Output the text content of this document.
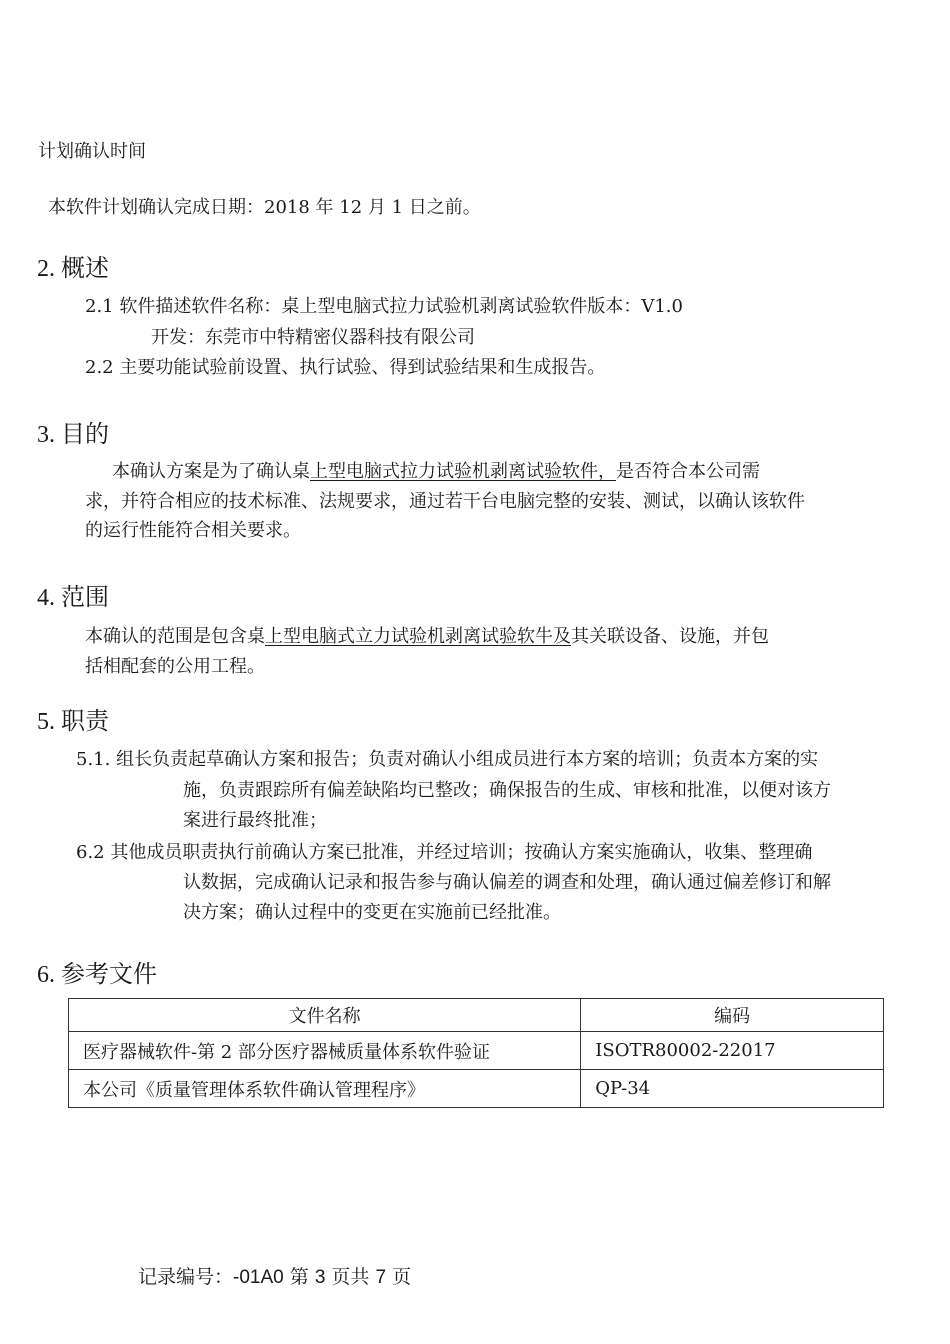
计划确认时间
本软件计划确认完成日期：2018 年 12 月 1 日之前。
2. 概述
2.1 软件描述软件名称：桌上型电脑式拉力试验机剥离试验软件版本：V1.0
开发：东莞市中特精密仪器科技有限公司
2.2 主要功能试验前设置、执行试验、得到试验结果和生成报告。
3. 目的
本确认方案是为了确认桌上型电脑式拉力试验机剥离试验软件，是否符合本公司需
求，并符合相应的技术标准、法规要求，通过若干台电脑完整的安装、测试，以确认该软件
的运行性能符合相关要求。
4. 范围
本确认的范围是包含桌上型电脑式立力试验机剥离试验软牛及其关联设备、设施，并包
括相配套的公用工程。
5. 职责
5.1. 组长负责起草确认方案和报告；负责对确认小组成员进行本方案的培训；负责本方案的实
施，负责跟踪所有偏差缺陷均已整改；确保报告的生成、审核和批准，以便对该方
案进行最终批准；
6.2 其他成员职责执行前确认方案已批准，并经过培训；按确认方案实施确认，收集、整理确
认数据，完成确认记录和报告参与确认偏差的调查和处理，确认通过偏差修订和解
决方案；确认过程中的变更在实施前已经批准。
6. 参考文件
文件名称	编码
医疗器械软件-第 2 部分医疗器械质量体系软件验证	ISOTR80002-22017
本公司《质量管理体系软件确认管理程序》	QP-34
记录编号：-01A0 第 3 页共 7 页
